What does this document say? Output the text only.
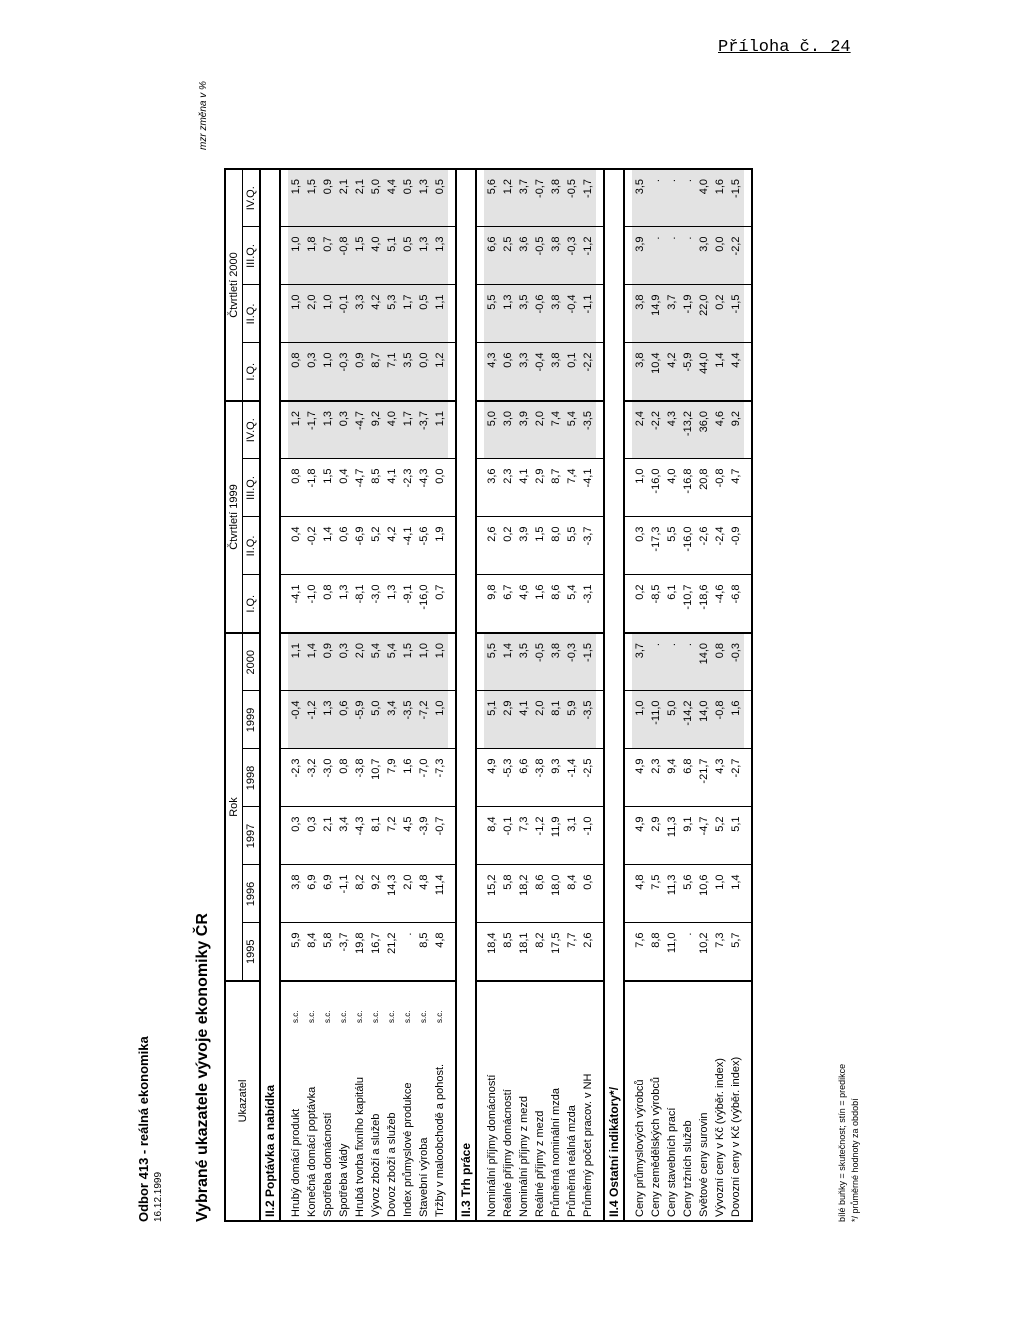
Příloha č. 24
Odbor 413 - reálná ekonomika 16.12.1999 Vybrané ukazatele vývoje ekonomiky ČR
mzr změna v %
Ukazatel		Rok						Čtvrtletí 1999				Čtvrtletí 2000			
		1995	1996	1997	1998	1999	2000	I.Q.	II.Q.	III.Q.	IV.Q.	I.Q.	II.Q.	III.Q.	IV.Q.
II.2 Poptávka a nabídka															

Hrubý domácí produkt	s.c.	5,9	3,8	0,3	-2,3	-0,4	1,1	-4,1	0,4	0,8	1,2	0,8	1,0	1,0	1,5
Konečná domácí poptávka	s.c.	8,4	6,9	0,3	-3,2	-1,2	1,4	-1,0	-0,2	-1,8	-1,7	0,3	2,0	1,8	1,5
Spotřeba domácností	s.c.	5,8	6,9	2,1	-3,0	1,3	0,9	0,8	1,4	1,5	1,3	1,0	1,0	0,7	0,9
Spotřeba vlády	s.c.	-3,7	-1,1	3,4	0,8	0,6	0,3	1,3	0,6	0,4	0,3	-0,3	-0,1	-0,8	2,1
Hrubá tvorba fixního kapitálu	s.c.	19,8	8,2	-4,3	-3,8	-5,9	2,0	-8,1	-6,9	-4,7	-4,7	0,9	3,3	1,5	2,1
Vývoz zboží a služeb	s.c.	16,7	9,2	8,1	10,7	5,0	5,4	-3,0	5,2	8,5	9,2	8,7	4,2	4,0	5,0
Dovoz zboží a služeb	s.c.	21,2	14,3	7,2	7,9	3,4	5,4	1,3	4,2	4,1	4,0	7,1	5,3	5,1	4,4
Index průmyslové produkce	s.c.	.	2,0	4,5	1,6	-3,5	1,5	-9,1	-4,1	-2,3	1,7	3,5	1,7	0,5	0,5
Stavební výroba	s.c.	8,5	4,8	-3,9	-7,0	-7,2	1,0	-16,0	-5,6	-4,3	-3,7	0,0	0,5	1,3	1,3
Tržby v maloobchodě a pohost.	s.c.	4,8	11,4	-0,7	-7,3	1,0	1,0	0,7	1,9	0,0	1,1	1,2	1,1	1,3	0,5

II.3 Trh práce															

Nominální příjmy domácností		18,4	15,2	8,4	4,9	5,1	5,5	9,8	2,6	3,6	5,0	4,3	5,5	6,6	5,6
Reálné příjmy domácností		8,5	5,8	-0,1	-5,3	2,9	1,4	6,7	0,2	2,3	3,0	0,6	1,3	2,5	1,2
Nominální příjmy z mezd		18,1	18,2	7,3	6,6	4,1	3,5	4,6	3,9	4,1	3,9	3,3	3,5	3,6	3,7
Reálné příjmy z mezd		8,2	8,6	-1,2	-3,8	2,0	-0,5	1,6	1,5	2,9	2,0	-0,4	-0,6	-0,5	-0,7
Průměrná nominální mzda		17,5	18,0	11,9	9,3	8,1	3,8	8,6	8,0	8,7	7,4	3,8	3,8	3,8	3,8
Průměrná reálná mzda		7,7	8,4	3,1	-1,4	5,9	-0,3	5,4	5,5	7,4	5,4	0,1	-0,4	-0,3	-0,5
Průměrný počet pracov. v NH		2,6	0,6	-1,0	-2,5	-3,5	-1,5	-3,1	-3,7	-4,1	-3,5	-2,2	-1,1	-1,2	-1,7

II.4 Ostatní indikátory*/															

Ceny průmyslových výrobců		7,6	4,8	4,9	4,9	1,0	3,7	0,2	0,3	1,0	2,4	3,8	3,8	3,9	3,5
Ceny zemědělských výrobců		8,8	7,5	2,9	2,3	-11,0	.	-8,5	-17,3	-16,0	-2,2	10,4	14,9	.	.
Ceny stavebních prací		11,0	11,3	11,3	9,4	5,0	.	6,1	5,5	4,0	4,3	4,2	3,7	.	.
Ceny tržních služeb		.	5,6	9,1	6,8	-14,2	.	-10,7	-16,0	-16,8	-13,2	-5,9	-1,9	.	.
Světové ceny surovin		10,2	10,6	-4,7	-21,7	14,0	14,0	-18,6	-2,6	20,8	36,0	44,0	22,0	3,0	4,0
Vývozní ceny v Kč (výběr. index)		7,3	1,0	5,2	4,3	-0,8	0,8	-4,6	-2,4	-0,8	4,6	1,4	0,2	0,0	1,6
Dovozní ceny v Kč (výběr. index)		5,7	1,4	5,1	-2,7	1,6	-0,3	-6,8	-0,9	4,7	9,2	4,4	-1,5	-2,2	-1,5

bílé buňky = skutečnost; stín = predikce */ průměrné hodnoty za období
